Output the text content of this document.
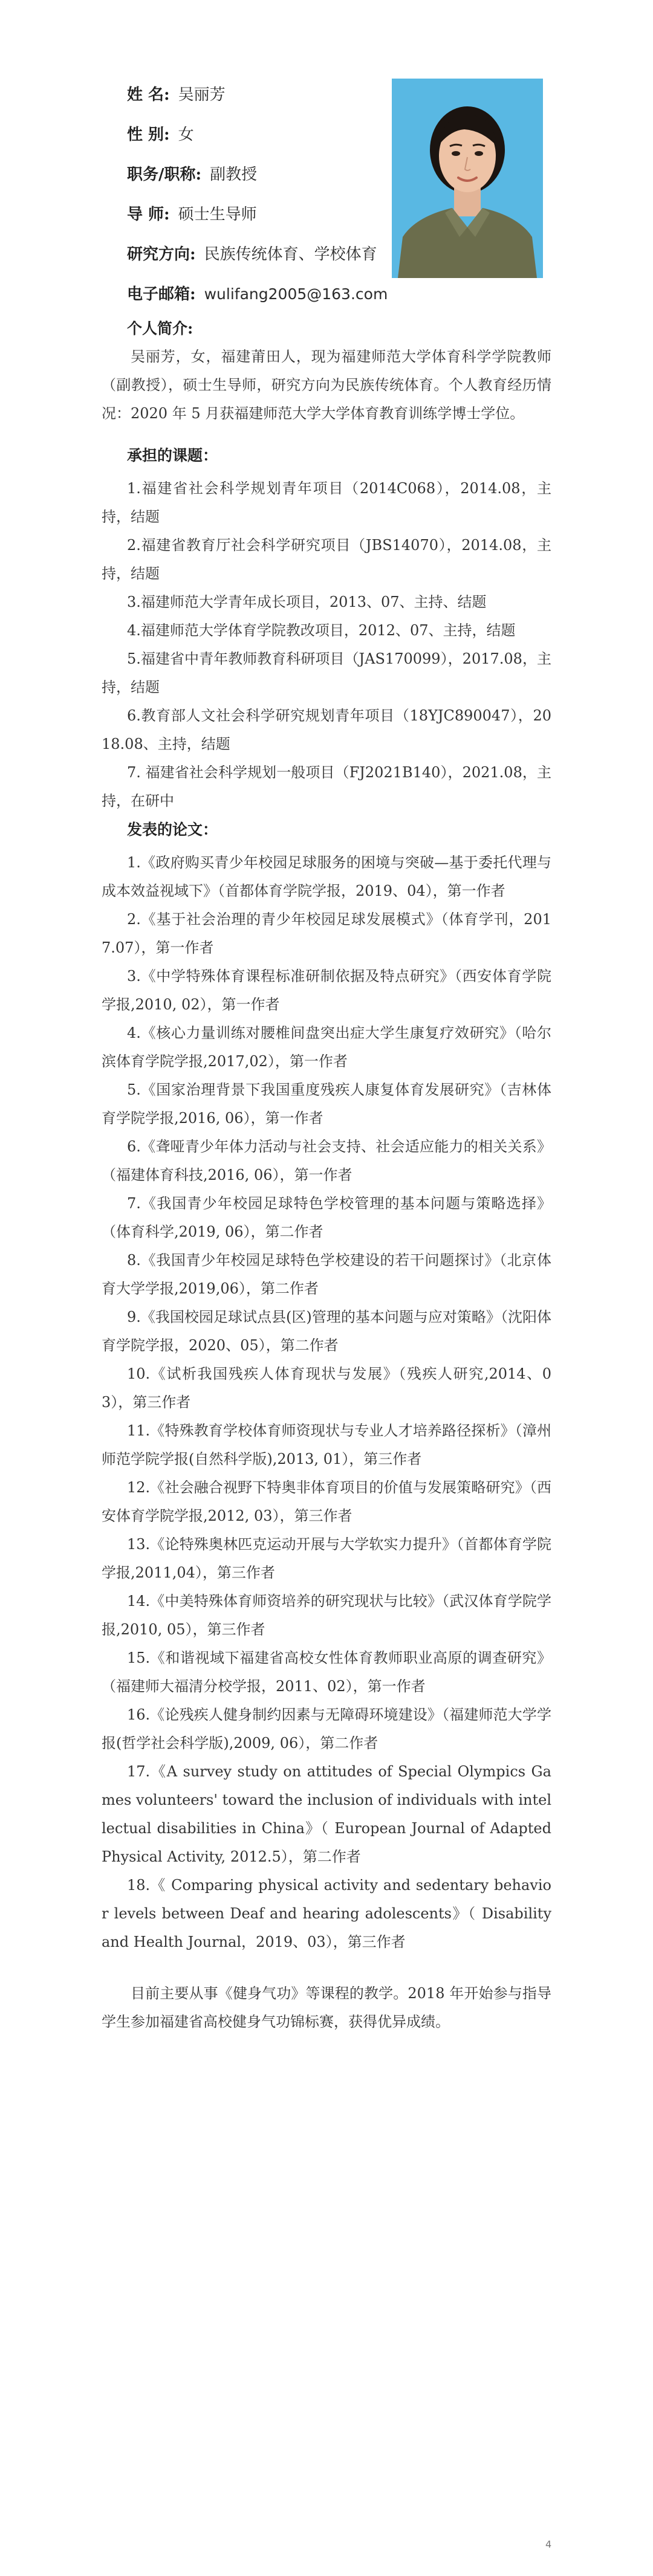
姓 名: 吴丽芳
性 别: 女
职务/职称: 副教授
导 师: 硕士生导师
研究方向: 民族传统体育、学校体育
电子邮箱: wulifang2005@163.com

个人简介:

吴丽芳，女，福建莆田人，现为福建师范大学体育科学学院教师（副教授），硕士生导师，研究方向为民族传统体育。个人教育经历情况：2020 年 5 月获福建师范大学大学体育教育训练学博士学位。

承担的课题：

1.福建省社会科学规划青年项目（2014C068），2014.08，主持，结题
2.福建省教育厅社会科学研究项目（JBS14070），2014.08，主持，结题
3.福建师范大学青年成长项目，2013、07、主持、结题
4.福建师范大学体育学院教改项目，2012、07、主持，结题
5.福建省中青年教师教育科研项目（JAS170099），2017.08，主持，结题
6.教育部人文社会科学研究规划青年项目（18YJC890047），2018.08、主持，结题
7. 福建省社会科学规划一般项目（FJ2021B140），2021.08，主持，在研中

发表的论文：

1.《政府购买青少年校园足球服务的困境与突破—基于委托代理与成本效益视域下》（首都体育学院学报，2019、04），第一作者
2.《基于社会治理的青少年校园足球发展模式》（体育学刊，2017.07），第一作者
3.《中学特殊体育课程标准研制依据及特点研究》（西安体育学院学报,2010, 02），第一作者
4.《核心力量训练对腰椎间盘突出症大学生康复疗效研究》（哈尔滨体育学院学报,2017,02），第一作者
5.《国家治理背景下我国重度残疾人康复体育发展研究》（吉林体育学院学报,2016, 06），第一作者
6.《聋哑青少年体力活动与社会支持、社会适应能力的相关关系》（福建体育科技,2016, 06），第一作者
7.《我国青少年校园足球特色学校管理的基本问题与策略选择》（体育科学,2019, 06），第二作者
8.《我国青少年校园足球特色学校建设的若干问题探讨》（北京体育大学学报,2019,06），第二作者
9.《我国校园足球试点县(区)管理的基本问题与应对策略》（沈阳体育学院学报，2020、05），第二作者
10.《试析我国残疾人体育现状与发展》（残疾人研究,2014、03），第三作者
11.《特殊教育学校体育师资现状与专业人才培养路径探析》（漳州师范学院学报(自然科学版),2013, 01），第三作者
12.《社会融合视野下特奥非体育项目的价值与发展策略研究》（西安体育学院学报,2012, 03），第三作者
13.《论特殊奥林匹克运动开展与大学软实力提升》（首都体育学院学报,2011,04），第三作者
14.《中美特殊体育师资培养的研究现状与比较》（武汉体育学院学报,2010, 05），第三作者
15.《和谐视域下福建省高校女性体育教师职业高原的调查研究》（福建师大福清分校学报，2011、02），第一作者
16.《论残疾人健身制约因素与无障碍环境建设》（福建师范大学学报(哲学社会科学版),2009, 06），第二作者
17.《A survey study on attitudes of Special Olympics Games volunteers' toward the inclusion of individuals with intellectual disabilities in China》（ European Journal of Adapted Physical Activity, 2012.5），第二作者
18.《 Comparing physical activity and sedentary behavior levels between Deaf and hearing adolescents》（ Disability and Health Journal，2019、03），第三作者

目前主要从事《健身气功》等课程的教学。2018 年开始参与指导学生参加福建省高校健身气功锦标赛，获得优异成绩。

4
